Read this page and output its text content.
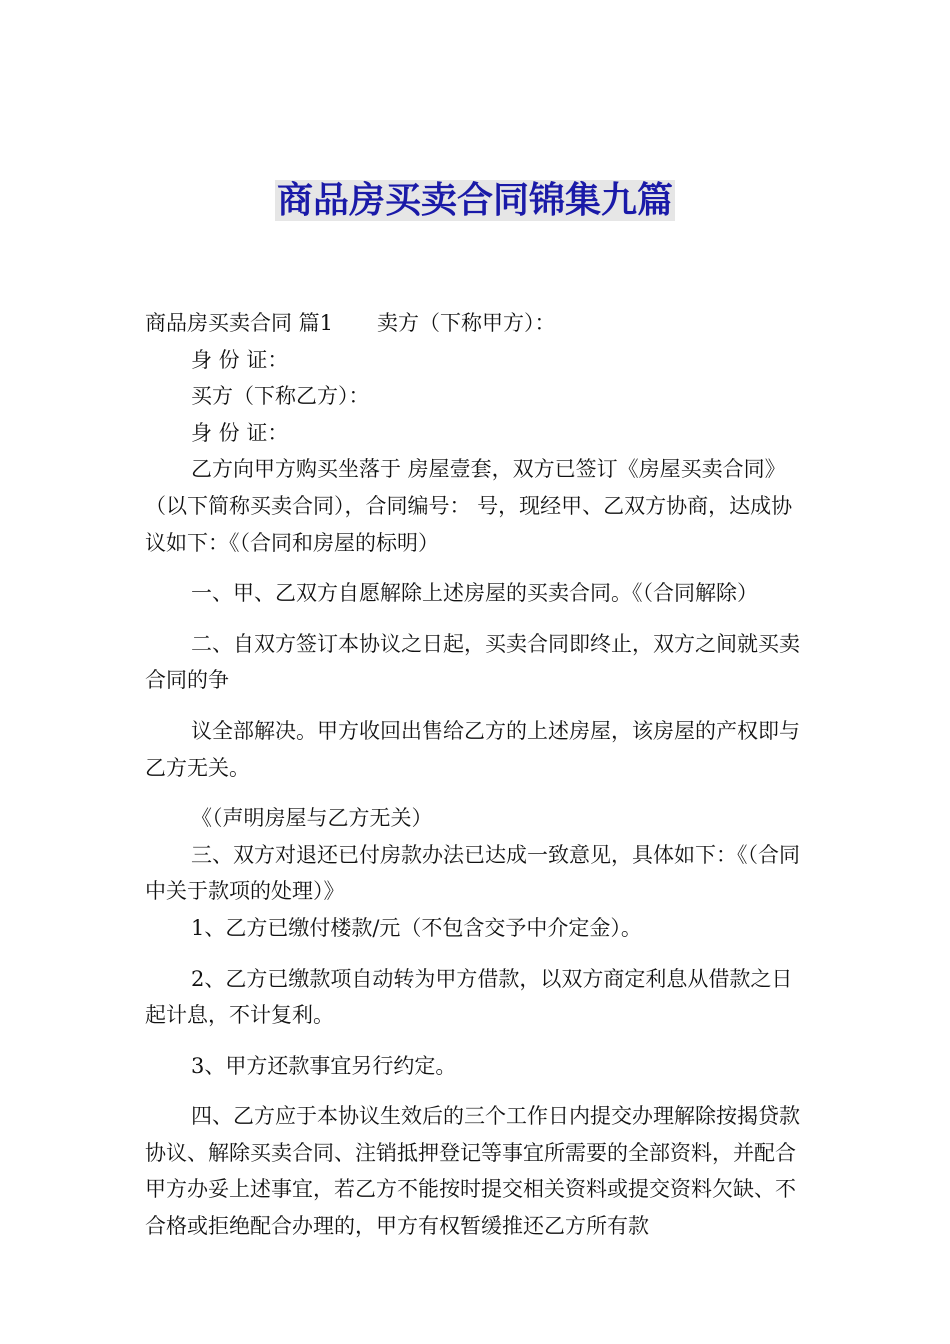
商品房买卖合同锦集九篇

商品房买卖合同 篇1 卖方（下称甲方）：

身 份 证：

买方（下称乙方）：

身 份 证：

乙方向甲方购买坐落于 房屋壹套，双方已签订《房屋买卖合同》（以下简称买卖合同），合同编号： 号，现经甲、乙双方协商，达成协议如下：《（合同和房屋的标明）

一、甲、乙双方自愿解除上述房屋的买卖合同。《（合同解除）

二、自双方签订本协议之日起，买卖合同即终止，双方之间就买卖合同的争

议全部解决。甲方收回出售给乙方的上述房屋，该房屋的产权即与乙方无关。

《（声明房屋与乙方无关）

三、双方对退还已付房款办法已达成一致意见，具体如下：《（合同中关于款项的处理）》

1、乙方已缴付楼款/元（不包含交予中介定金）。

2、乙方已缴款项自动转为甲方借款，以双方商定利息从借款之日起计息，不计复利。

3、甲方还款事宜另行约定。

四、乙方应于本协议生效后的三个工作日内提交办理解除按揭贷款协议、解除买卖合同、注销抵押登记等事宜所需要的全部资料，并配合甲方办妥上述事宜，若乙方不能按时提交相关资料或提交资料欠缺、不合格或拒绝配合办理的，甲方有权暂缓推还乙方所有款
